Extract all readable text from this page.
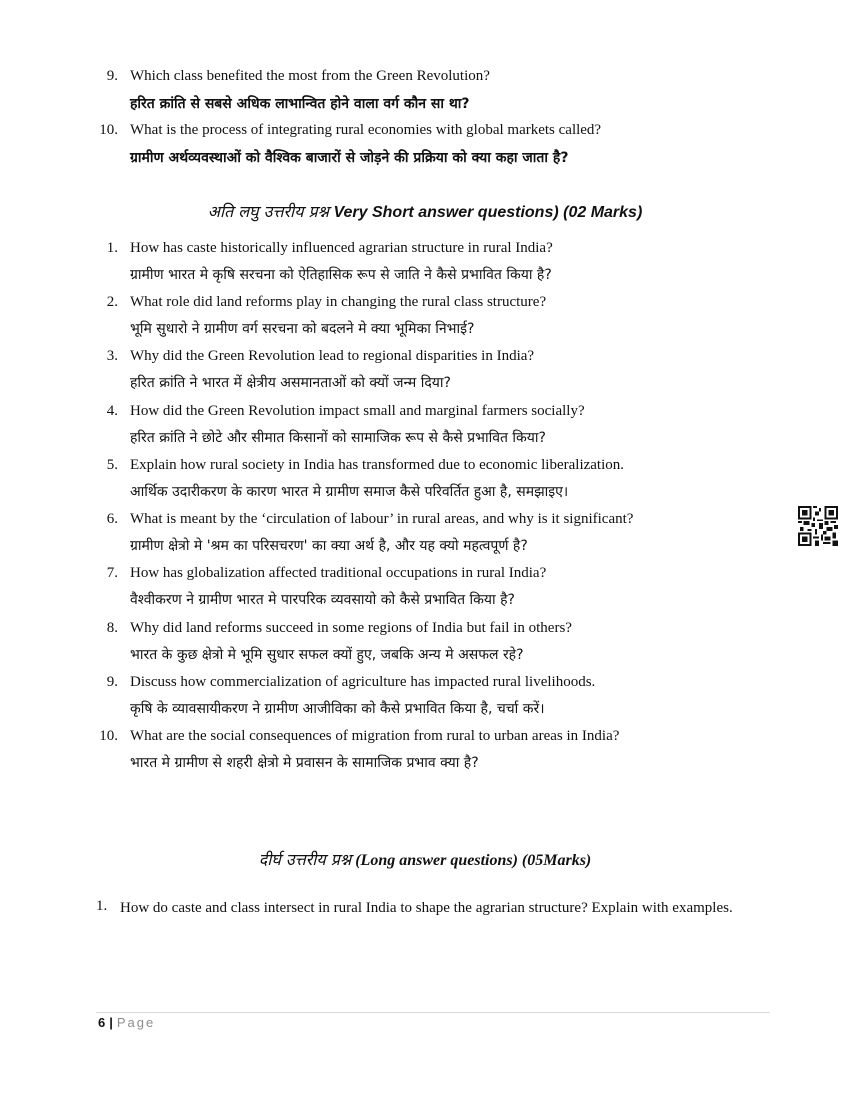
9. Which class benefited the most from the Green Revolution?
हरित क्रांति से सबसे अधिक लाभान्वित होने वाला वर्ग कौन सा था?
10. What is the process of integrating rural economies with global markets called?
ग्रामीण अर्थव्यवस्थाओं को वैश्विक बाजारों से जोड़ने की प्रक्रिया को क्या कहा जाता है?
अति लघु उत्तरीय प्रश्न Very Short answer questions) (02 Marks)
1. How has caste historically influenced agrarian structure in rural India?
ग्रामीण भारत मे कृषि सरचना को ऐतिहासिक रूप से जाति ने कैसे प्रभावित किया है?
2. What role did land reforms play in changing the rural class structure?
भूमि सुधारो ने ग्रामीण वर्ग सरचना को बदलने मे क्या भूमिका निभाई?
3. Why did the Green Revolution lead to regional disparities in India?
हरित क्रांति ने भारत में क्षेत्रीय असमानताओं को क्यों जन्म दिया?
4. How did the Green Revolution impact small and marginal farmers socially?
हरित क्रांति ने छोटे और सीमात किसानों को सामाजिक रूप से कैसे प्रभावित किया?
5. Explain how rural society in India has transformed due to economic liberalization.
आर्थिक उदारीकरण के कारण भारत मे ग्रामीण समाज कैसे परिवर्तित हुआ है, समझाइए।
6. What is meant by the ‘circulation of labour’ in rural areas, and why is it significant?
ग्रामीण क्षेत्रो मे 'श्रम का परिसचरण' का क्या अर्थ है, और यह क्यो महत्वपूर्ण है?
7. How has globalization affected traditional occupations in rural India?
वैश्वीकरण ने ग्रामीण भारत मे पारपरिक व्यवसायो को कैसे प्रभावित किया है?
8. Why did land reforms succeed in some regions of India but fail in others?
भारत के कुछ क्षेत्रो मे भूमि सुधार सफल क्यों हुए, जबकि अन्य मे असफल रहे?
9. Discuss how commercialization of agriculture has impacted rural livelihoods.
कृषि के व्यावसायीकरण ने ग्रामीण आजीविका को कैसे प्रभावित किया है, चर्चा करें।
10. What are the social consequences of migration from rural to urban areas in India?
भारत मे ग्रामीण से शहरी क्षेत्रो मे प्रवासन के सामाजिक प्रभाव क्या है?
दीर्घ उत्तरीय प्रश्न (Long answer questions) (05Marks)
1. How do caste and class intersect in rural India to shape the agrarian structure? Explain with examples.
6 | Page
